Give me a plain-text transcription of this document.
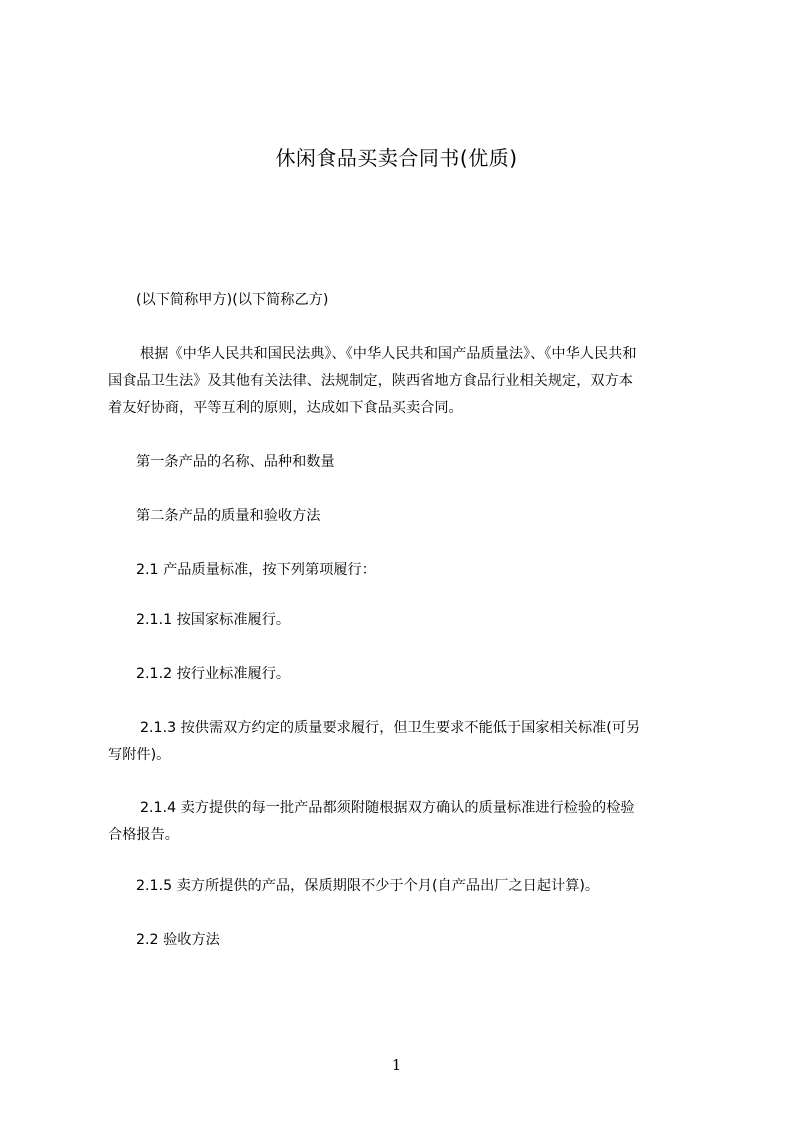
休闲食品买卖合同书(优质)

(以下简称甲方)(以下简称乙方)

根据《中华人民共和国民法典》、《中华人民共和国产品质量法》、《中华人民共和
国食品卫生法》及其他有关法律、法规制定，陕西省地方食品行业相关规定，双方本
着友好协商，平等互利的原则，达成如下食品买卖合同。

第一条产品的名称、品种和数量

第二条产品的质量和验收方法

2.1 产品质量标准，按下列第项履行：

2.1.1 按国家标准履行。

2.1.2 按行业标准履行。

2.1.3 按供需双方约定的质量要求履行，但卫生要求不能低于国家相关标准(可另
写附件)。

2.1.4 卖方提供的每一批产品都须附随根据双方确认的质量标准进行检验的检验
合格报告。

2.1.5 卖方所提供的产品，保质期限不少于个月(自产品出厂之日起计算)。

2.2 验收方法

1
